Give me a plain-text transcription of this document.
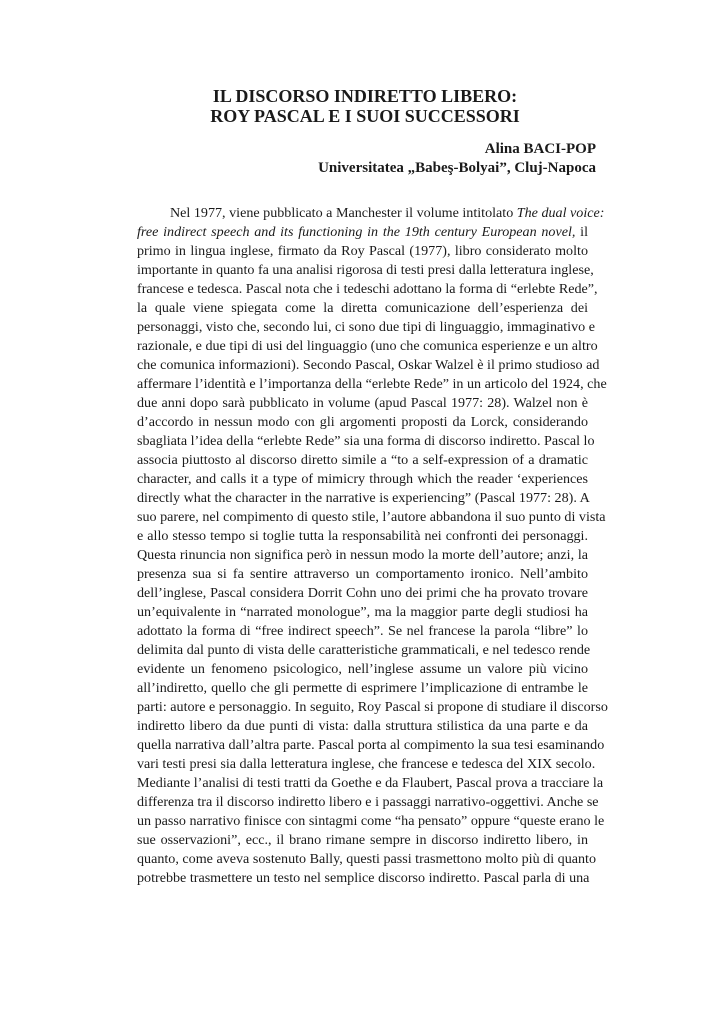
IL DISCORSO INDIRETTO LIBERO:
ROY PASCAL E I SUOI SUCCESSORI
Alina BACI-POP
Universitatea „Babeş-Bolyai”, Cluj-Napoca
Nel 1977, viene pubblicato a Manchester il volume intitolato The dual voice:
free indirect speech and its functioning in the 19th century European novel, il
primo in lingua inglese, firmato da Roy Pascal (1977), libro considerato molto
importante in quanto fa una analisi rigorosa di testi presi dalla letteratura inglese,
francese e tedesca. Pascal nota che i tedeschi adottano la forma di “erlebte Rede”,
la quale viene spiegata come la diretta comunicazione dell’esperienza dei
personaggi, visto che, secondo lui, ci sono due tipi di linguaggio, immaginativo e
razionale, e due tipi di usi del linguaggio (uno che comunica esperienze e un altro
che comunica informazioni). Secondo Pascal, Oskar Walzel è il primo studioso ad
affermare l’identità e l’importanza della “erlebte Rede” in un articolo del 1924, che
due anni dopo sarà pubblicato in volume (apud Pascal 1977: 28). Walzel non è
d’accordo in nessun modo con gli argomenti proposti da Lorck, considerando
sbagliata l’idea della “erlebte Rede” sia una forma di discorso indiretto. Pascal lo
associa piuttosto al discorso diretto simile a “to a self-expression of a dramatic
character, and calls it a type of mimicry through which the reader ‘experiences
directly what the character in the narrative is experiencing” (Pascal 1977: 28). A
suo parere, nel compimento di questo stile, l’autore abbandona il suo punto di vista
e allo stesso tempo si toglie tutta la responsabilità nei confronti dei personaggi.
Questa rinuncia non significa però in nessun modo la morte dell’autore; anzi, la
presenza sua si fa sentire attraverso un comportamento ironico. Nell’ambito
dell’inglese, Pascal considera Dorrit Cohn uno dei primi che ha provato trovare
un’equivalente in “narrated monologue”, ma la maggior parte degli studiosi ha
adottato la forma di “free indirect speech”. Se nel francese la parola “libre” lo
delimita dal punto di vista delle caratteristiche grammaticali, e nel tedesco rende
evidente un fenomeno psicologico, nell’inglese assume un valore più vicino
all’indiretto, quello che gli permette di esprimere l’implicazione di entrambe le
parti: autore e personaggio. In seguito, Roy Pascal si propone di studiare il discorso
indiretto libero da due punti di vista: dalla struttura stilistica da una parte e da
quella narrativa dall’altra parte. Pascal porta al compimento la sua tesi esaminando
vari testi presi sia dalla letteratura inglese, che francese e tedesca del XIX secolo.
Mediante l’analisi di testi tratti da Goethe e da Flaubert, Pascal prova a tracciare la
differenza tra il discorso indiretto libero e i passaggi narrativo-oggettivi. Anche se
un passo narrativo finisce con sintagmi come “ha pensato” oppure “queste erano le
sue osservazioni”, ecc., il brano rimane sempre in discorso indiretto libero, in
quanto, come aveva sostenuto Bally, questi passi trasmettono molto più di quanto
potrebbe trasmettere un testo nel semplice discorso indiretto. Pascal parla di una
